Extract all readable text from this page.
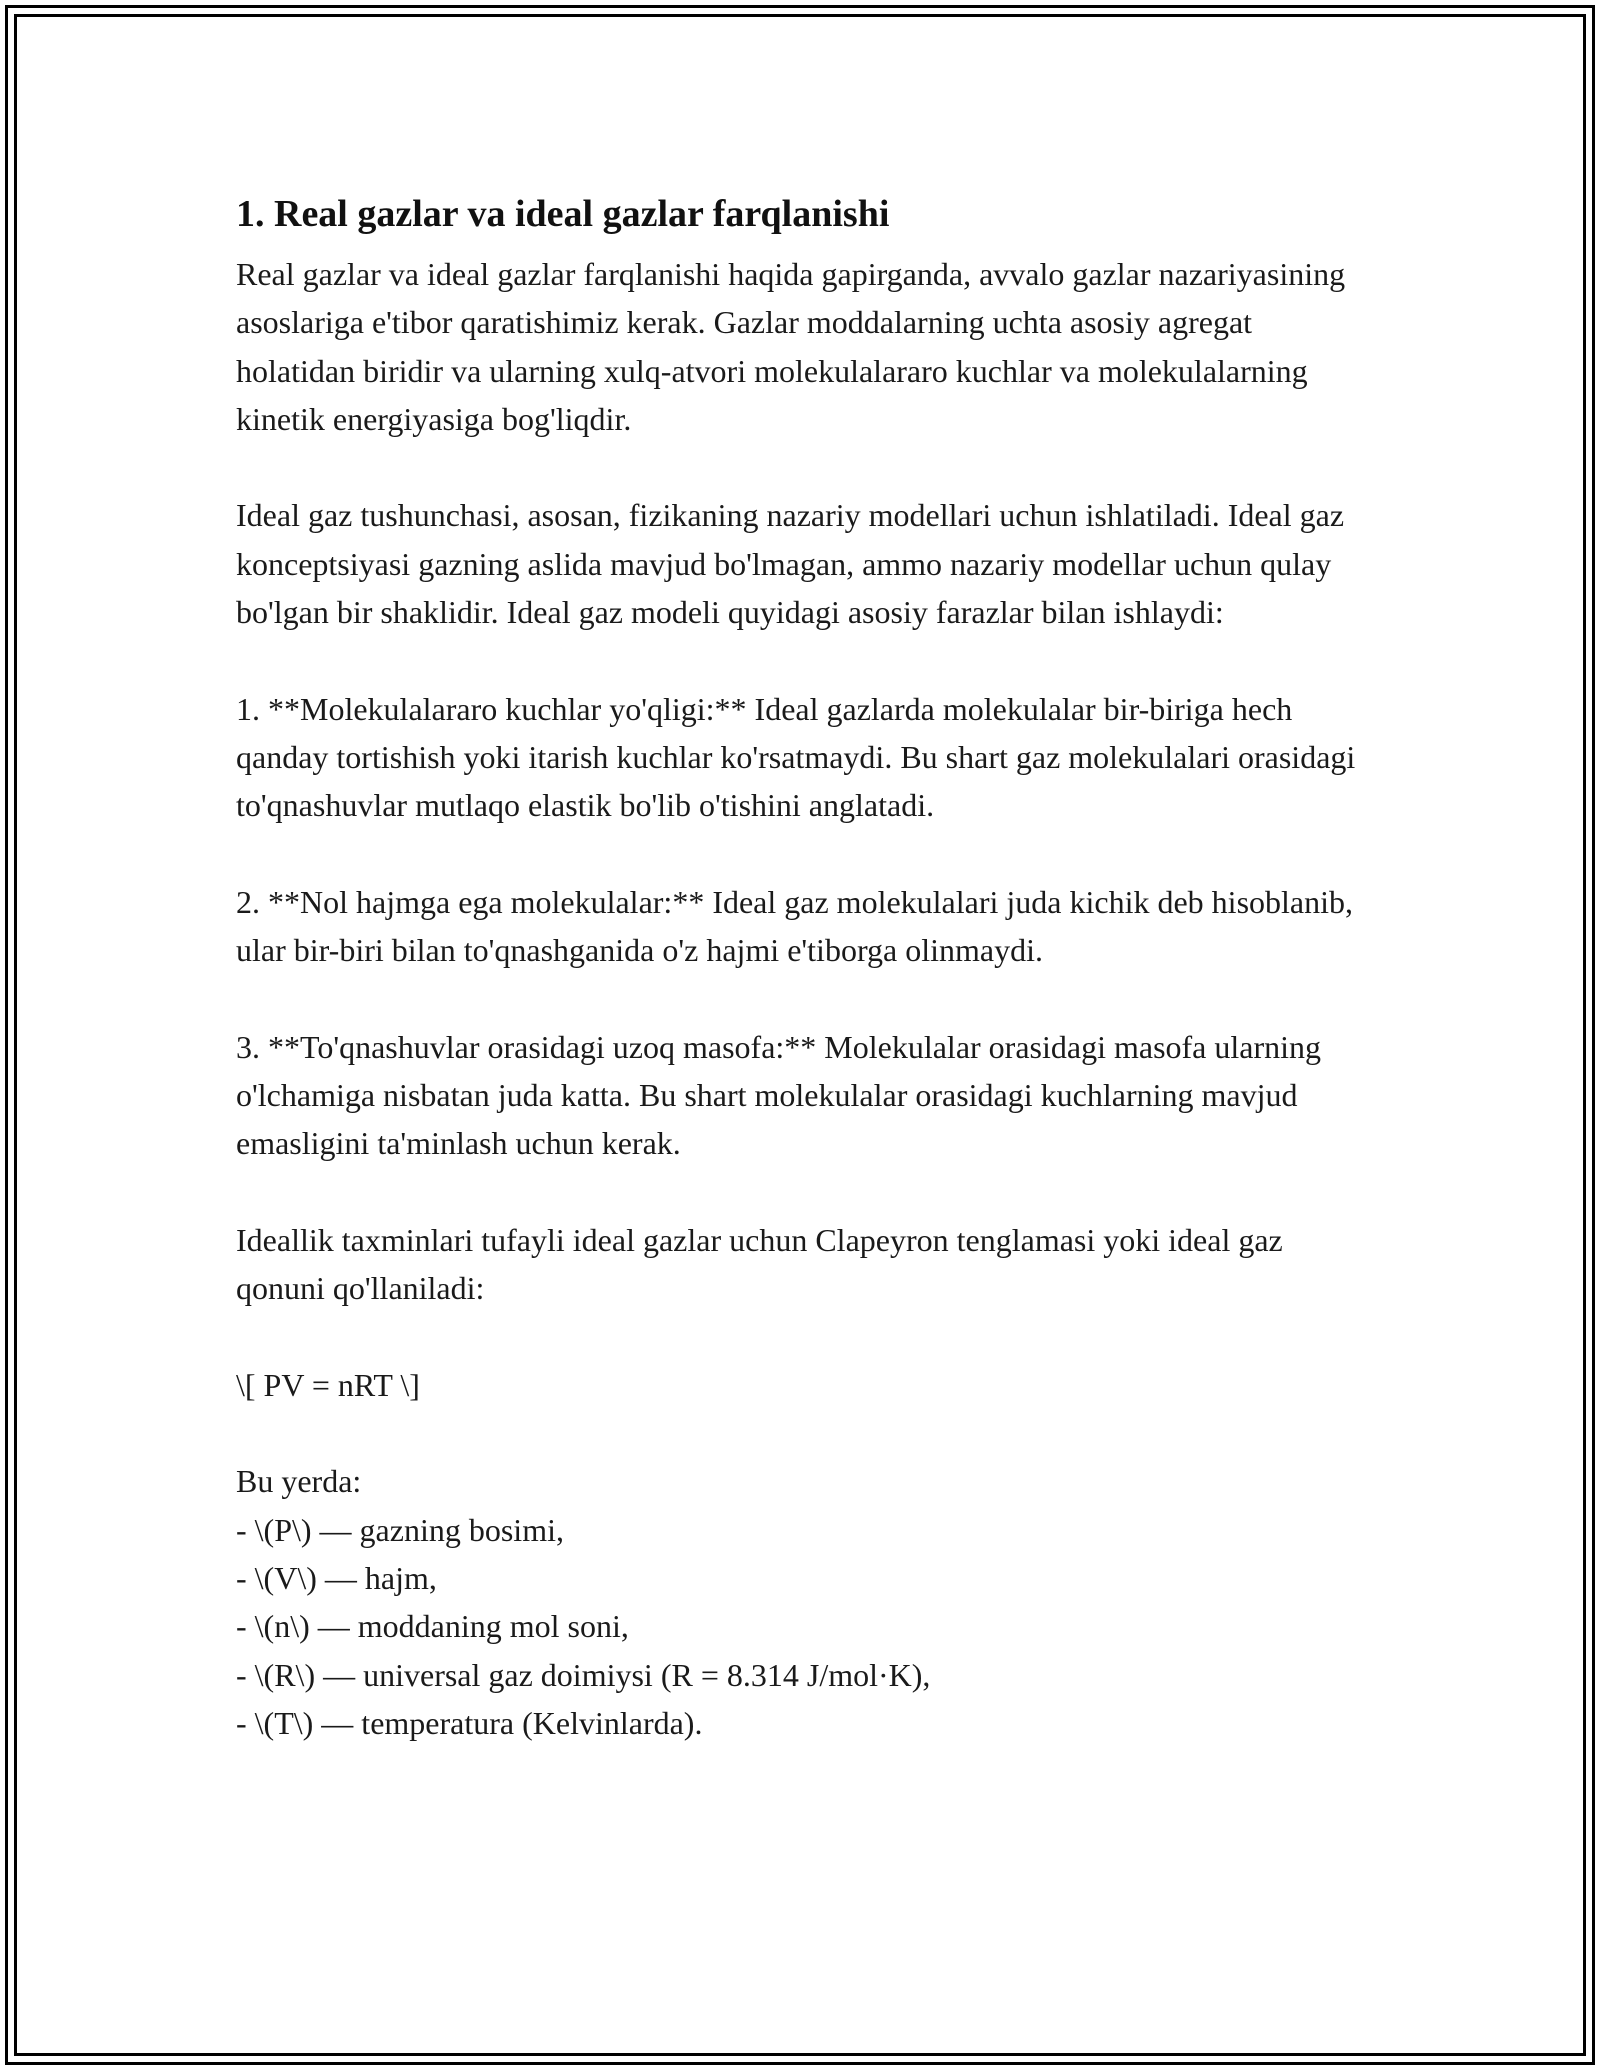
1. Real gazlar va ideal gazlar farqlanishi

Real gazlar va ideal gazlar farqlanishi haqida gapirganda, avvalo gazlar nazariyasining asoslariga e'tibor qaratishimiz kerak. Gazlar moddalarning uchta asosiy agregat holatidan biridir va ularning xulq-atvori molekulalararo kuchlar va molekulalarning kinetik energiyasiga bog'liqdir.

Ideal gaz tushunchasi, asosan, fizikaning nazariy modellari uchun ishlatiladi. Ideal gaz konceptsiyasi gazning aslida mavjud bo'lmagan, ammo nazariy modellar uchun qulay bo'lgan bir shaklidir. Ideal gaz modeli quyidagi asosiy farazlar bilan ishlaydi:

1. **Molekulalararo kuchlar yo'qligi:** Ideal gazlarda molekulalar bir-biriga hech qanday tortishish yoki itarish kuchlar ko'rsatmaydi. Bu shart gaz molekulalari orasidagi to'qnashuvlar mutlaqo elastik bo'lib o'tishini anglatadi.

2. **Nol hajmga ega molekulalar:** Ideal gaz molekulalari juda kichik deb hisoblanib, ular bir-biri bilan to'qnashganida o'z hajmi e'tiborga olinmaydi.

3. **To'qnashuvlar orasidagi uzoq masofa:** Molekulalar orasidagi masofa ularning o'lchamiga nisbatan juda katta. Bu shart molekulalar orasidagi kuchlarning mavjud emasligini ta'minlash uchun kerak.

Ideallik taxminlari tufayli ideal gazlar uchun Clapeyron tenglamasi yoki ideal gaz qonuni qo'llaniladi:

\[ PV = nRT \]

Bu yerda:
- \(P\) — gazning bosimi,
- \(V\) — hajm,
- \(n\) — moddaning mol soni,
- \(R\) — universal gaz doimiysi (R = 8.314 J/mol·K),
- \(T\) — temperatura (Kelvinlarda).
